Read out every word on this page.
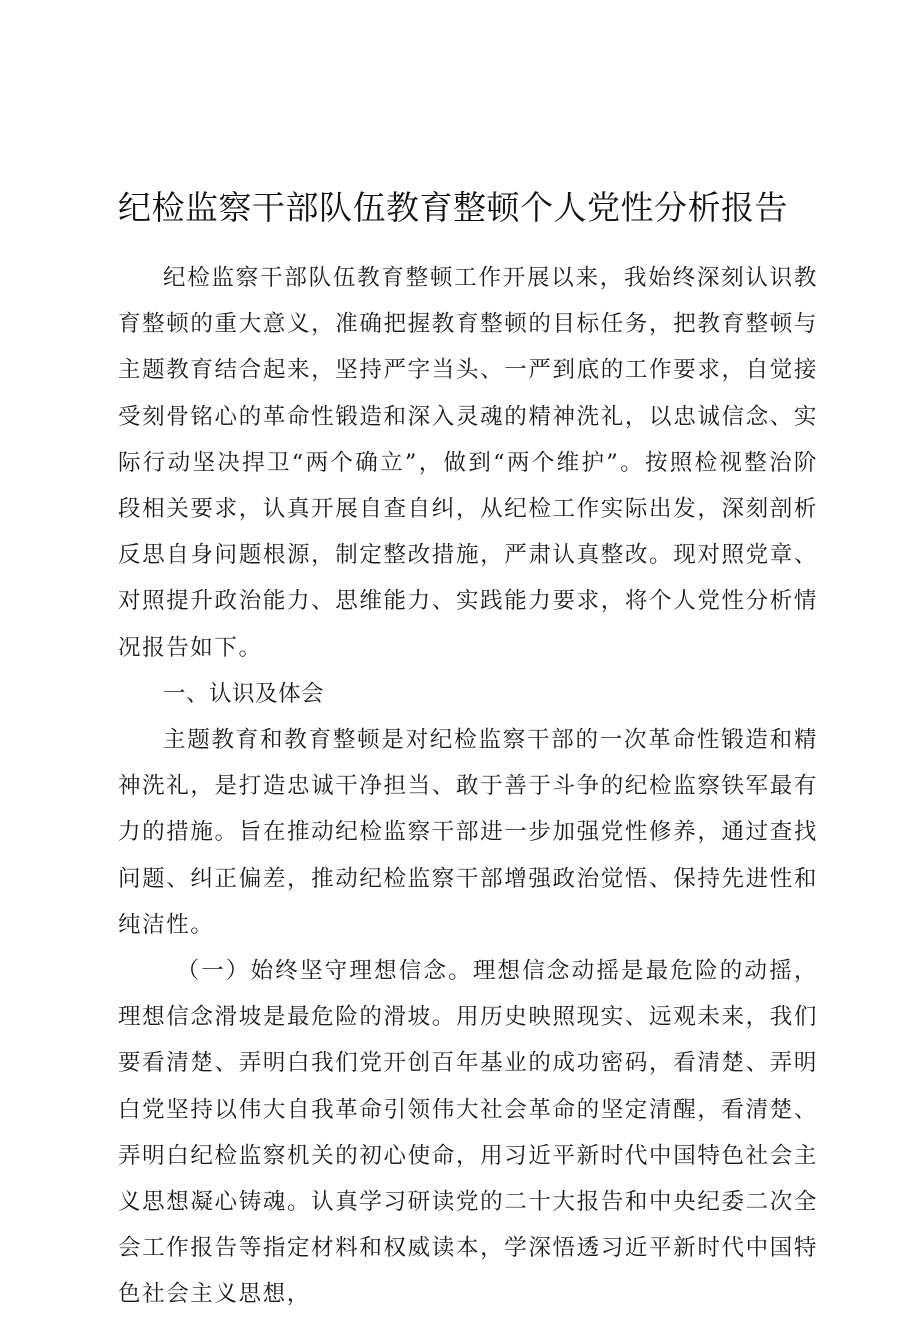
纪检监察干部队伍教育整顿个人党性分析报告

纪检监察干部队伍教育整顿工作开展以来，我始终深刻认识教育整顿的重大意义，准确把握教育整顿的目标任务，把教育整顿与主题教育结合起来，坚持严字当头、一严到底的工作要求，自觉接受刻骨铭心的革命性锻造和深入灵魂的精神洗礼，以忠诚信念、实际行动坚决捍卫“两个确立”，做到“两个维护”。按照检视整治阶段相关要求，认真开展自查自纠，从纪检工作实际出发，深刻剖析反思自身问题根源，制定整改措施，严肃认真整改。现对照党章、对照提升政治能力、思维能力、实践能力要求，将个人党性分析情况报告如下。

一、认识及体会

主题教育和教育整顿是对纪检监察干部的一次革命性锻造和精神洗礼，是打造忠诚干净担当、敢于善于斗争的纪检监察铁军最有力的措施。旨在推动纪检监察干部进一步加强党性修养，通过查找问题、纠正偏差，推动纪检监察干部增强政治觉悟、保持先进性和纯洁性。

（一）始终坚守理想信念。理想信念动摇是最危险的动摇，理想信念滑坡是最危险的滑坡。用历史映照现实、远观未来，我们要看清楚、弄明白我们党开创百年基业的成功密码，看清楚、弄明白党坚持以伟大自我革命引领伟大社会革命的坚定清醒，看清楚、弄明白纪检监察机关的初心使命，用习近平新时代中国特色社会主义思想凝心铸魂。认真学习研读党的二十大报告和中央纪委二次全会工作报告等指定材料和权威读本，学深悟透习近平新时代中国特色社会主义思想，
